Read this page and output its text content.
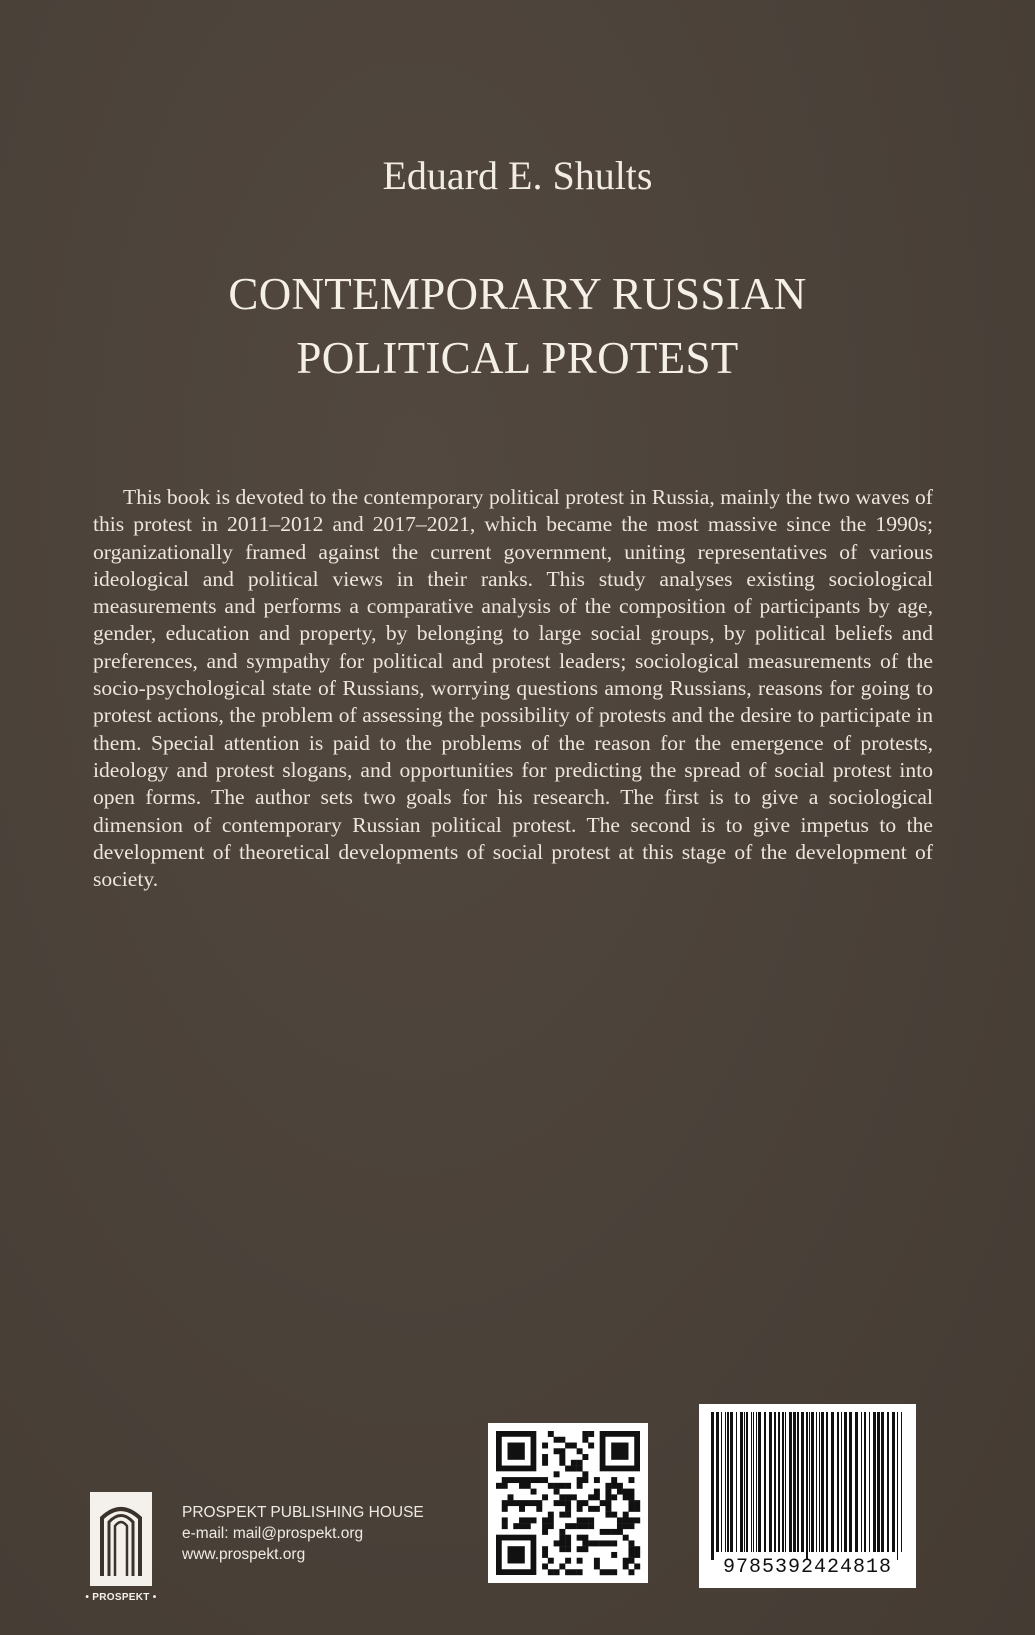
Eduard E. Shults
CONTEMPORARY RUSSIAN
POLITICAL PROTEST

This book is devoted to the contemporary political protest in Russia, mainly the two waves of this protest in 2011–2012 and 2017–2021, which became the most massive since the 1990s; organizationally framed against the current government, uniting representatives of various ideological and political views in their ranks. This study analyses existing sociological measurements and performs a comparative analysis of the composition of participants by age, gender, education and property, by belonging to large social groups, by political beliefs and preferences, and sympathy for political and protest leaders; sociological measurements of the socio-psychological state of Russians, worrying questions among Russians, reasons for going to protest actions, the problem of assessing the possibility of protests and the desire to participate in them. Special attention is paid to the problems of the reason for the emergence of protests, ideology and protest slogans, and opportunities for predicting the spread of social protest into open forms. The author sets two goals for his research. The first is to give a sociological dimension of contemporary Russian political protest. The second is to give impetus to the development of theoretical developments of social protest at this stage of the development of society.

• PROSPEKT •
PROSPEKT PUBLISHING HOUSE
e-mail: mail@prospekt.org
www.prospekt.org
9785392424818
